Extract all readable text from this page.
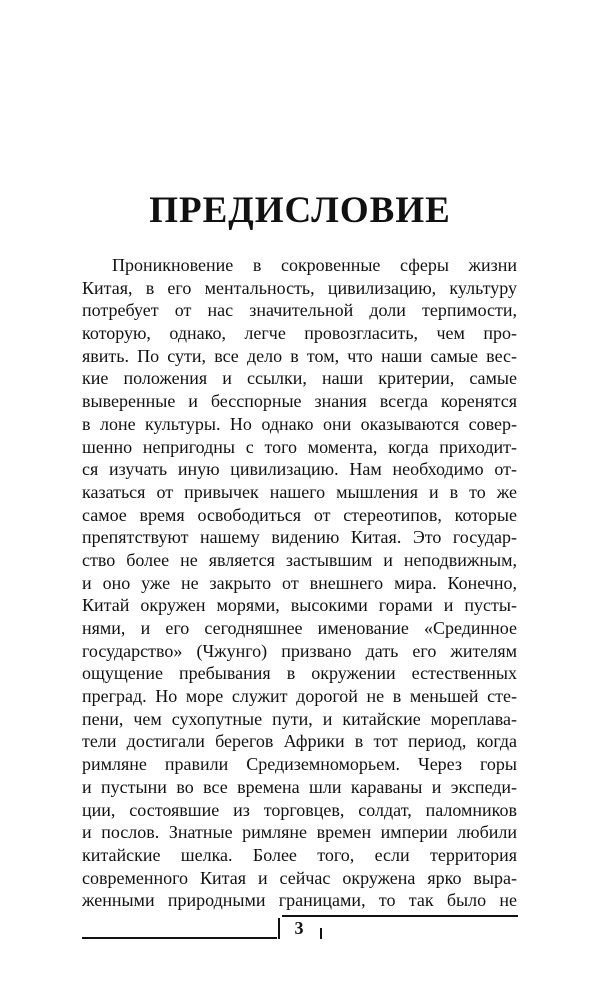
ПРЕДИСЛОВИЕ
Проникновение в сокровенные сферы жизни
Китая, в его ментальность, цивилизацию, культуру
потребует от нас значительной доли терпимости,
которую, однако, легче провозгласить, чем про-
явить. По сути, все дело в том, что наши самые вес-
кие положения и ссылки, наши критерии, самые
выверенные и бесспорные знания всегда коренятся
в лоне культуры. Но однако они оказываются совер-
шенно непригодны с того момента, когда приходит-
ся изучать иную цивилизацию. Нам необходимо от-
казаться от привычек нашего мышления и в то же
самое время освободиться от стереотипов, которые
препятствуют нашему видению Китая. Это государ-
ство более не является застывшим и неподвижным,
и оно уже не закрыто от внешнего мира. Конечно,
Китай окружен морями, высокими горами и пусты-
нями, и его сегодняшнее именование «Срединное
государство» (Чжунго) призвано дать его жителям
ощущение пребывания в окружении естественных
преград. Но море служит дорогой не в меньшей сте-
пени, чем сухопутные пути, и китайские мореплава-
тели достигали берегов Африки в тот период, когда
римляне правили Средиземноморьем. Через горы
и пустыни во все времена шли караваны и экспеди-
ции, состоявшие из торговцев, солдат, паломников
и послов. Знатные римляне времен империи любили
китайские шелка. Более того, если территория
современного Китая и сейчас окружена ярко выра-
женными природными границами, то так было не
3
